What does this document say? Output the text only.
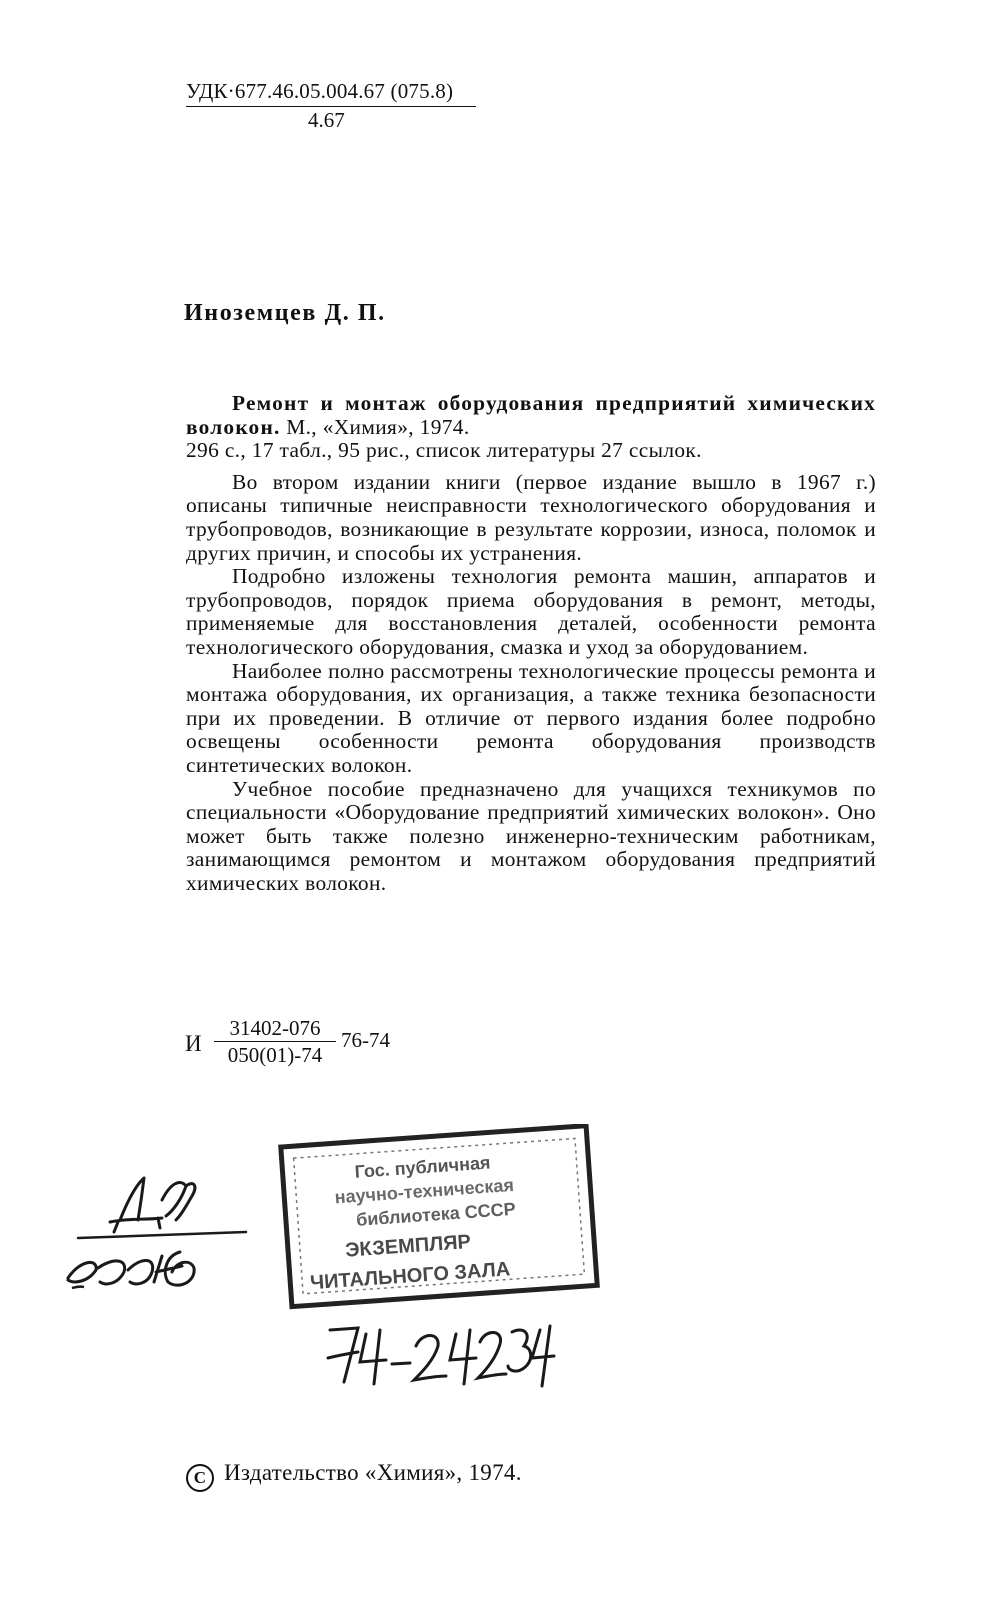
УДК·677.46.05.004.67 (075.8)
4.67
Иноземцев Д. П.

Ремонт и монтаж оборудования предприятий химических волокон. М., «Химия», 1974.

296 с., 17 табл., 95 рис., список литературы 27 ссылок.

Во втором издании книги (первое издание вышло в 1967 г.) описаны типичные неисправности технологического оборудования и трубопроводов, возникающие в результате коррозии, износа, поломок и других причин, и способы их устранения.

Подробно изложены технология ремонта машин, аппаратов и трубопроводов, порядок приема оборудования в ремонт, методы, применяемые для восстановления деталей, особенности ремонта технологического оборудования, смазка и уход за оборудованием.

Наиболее полно рассмотрены технологические процессы ремонта и монтажа оборудования, их организация, а также техника безопасности при их проведении. В отличие от первого издания более подробно освещены особенности ремонта оборудования производств синтетических волокон.

Учебное пособие предназначено для учащихся техникумов по специальности «Оборудование предприятий химических волокон». Оно может быть также полезно инженерно-техническим работникам, занимающимся ремонтом и монтажом оборудования предприятий химических волокон.

И $\frac{31402-076}{050(01)-74} 76-74$
Гос. публичная
научно-техническая
библиотека СССР
ЭКЗЕМПЛЯР
ЧИТАЛЬНОГО ЗАЛА
C Издательство «Химия», 1974.
